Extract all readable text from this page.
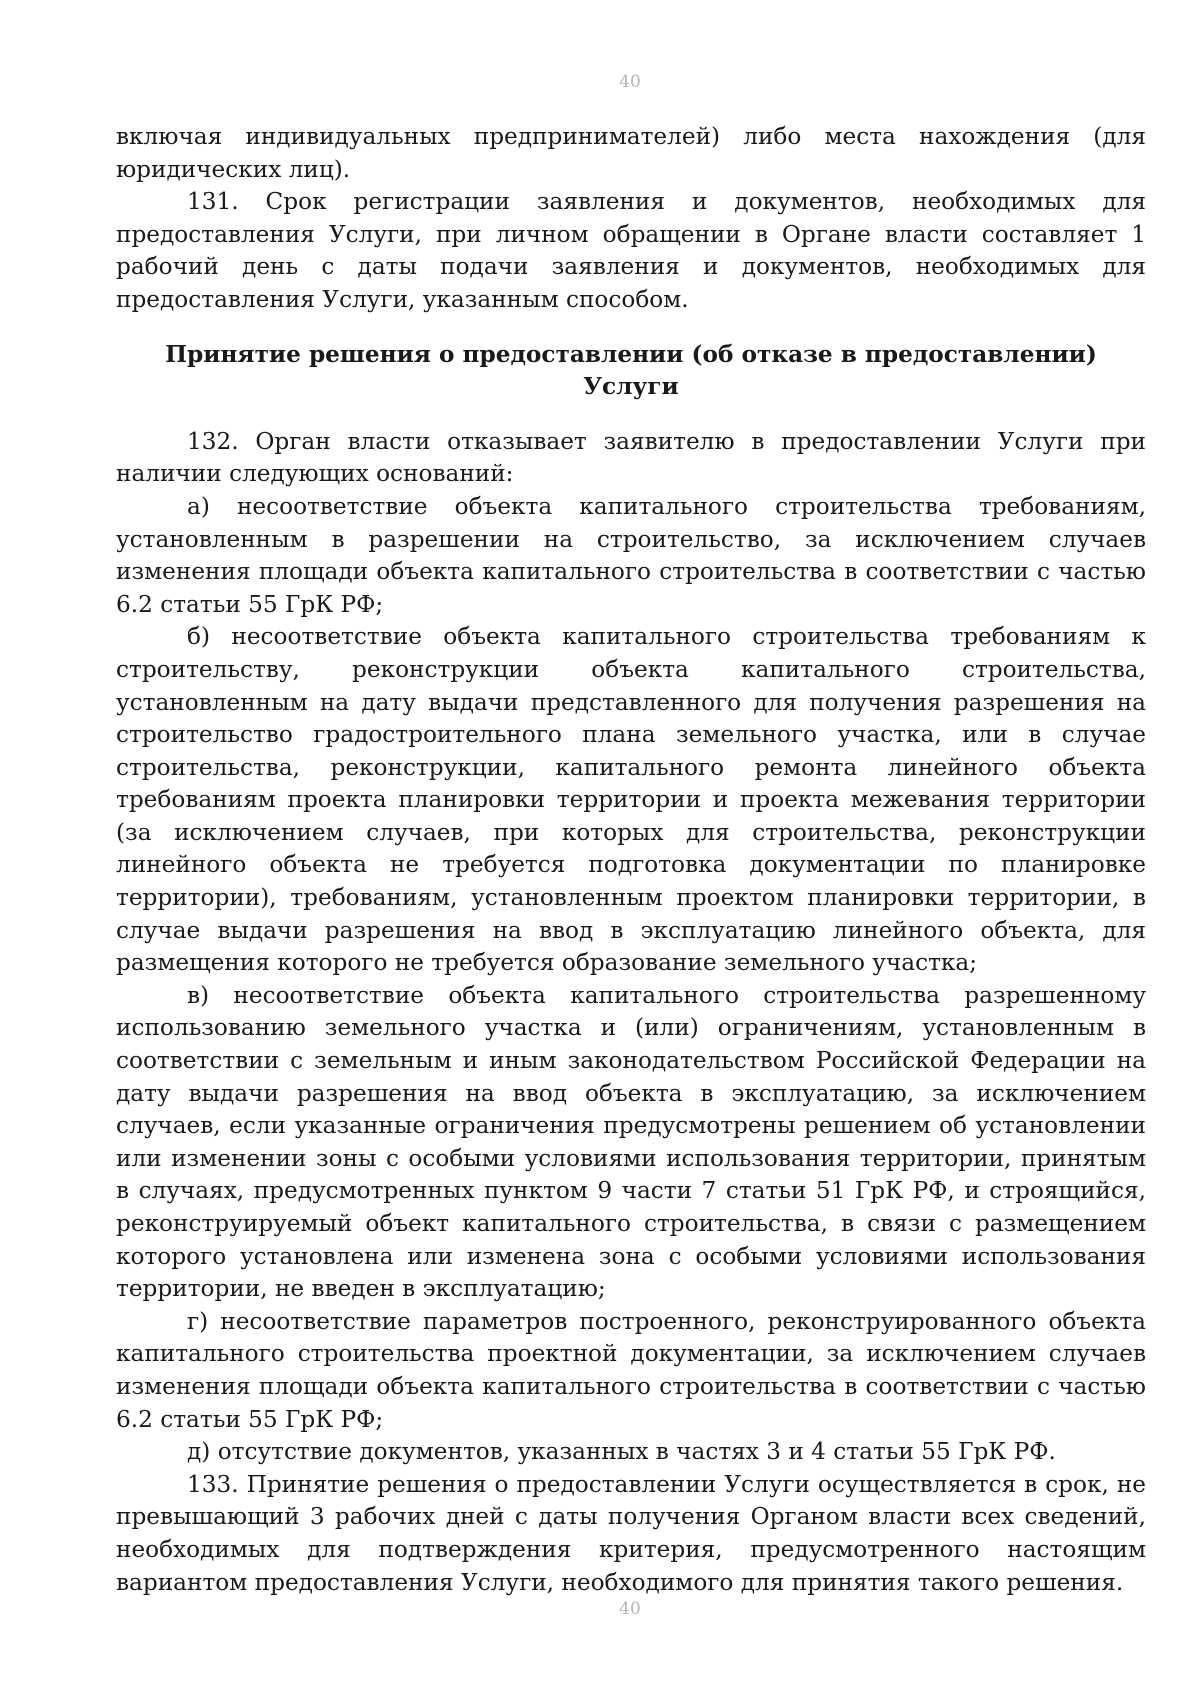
40

включая индивидуальных предпринимателей) либо места нахождения (для юридических лиц).

131. Срок регистрации заявления и документов, необходимых для предоставления Услуги, при личном обращении в Органе власти составляет 1 рабочий день с даты подачи заявления и документов, необходимых для предоставления Услуги, указанным способом.

Принятие решения о предоставлении (об отказе в предоставлении) Услуги

132. Орган власти отказывает заявителю в предоставлении Услуги при наличии следующих оснований:

а) несоответствие объекта капитального строительства требованиям, установленным в разрешении на строительство, за исключением случаев изменения площади объекта капитального строительства в соответствии с частью 6.2 статьи 55 ГрК РФ;

б) несоответствие объекта капитального строительства требованиям к строительству, реконструкции объекта капитального строительства, установленным на дату выдачи представленного для получения разрешения на строительство градостроительного плана земельного участка, или в случае строительства, реконструкции, капитального ремонта линейного объекта требованиям проекта планировки территории и проекта межевания территории (за исключением случаев, при которых для строительства, реконструкции линейного объекта не требуется подготовка документации по планировке территории), требованиям, установленным проектом планировки территории, в случае выдачи разрешения на ввод в эксплуатацию линейного объекта, для размещения которого не требуется образование земельного участка;

в) несоответствие объекта капитального строительства разрешенному использованию земельного участка и (или) ограничениям, установленным в соответствии с земельным и иным законодательством Российской Федерации на дату выдачи разрешения на ввод объекта в эксплуатацию, за исключением случаев, если указанные ограничения предусмотрены решением об установлении или изменении зоны с особыми условиями использования территории, принятым в случаях, предусмотренных пунктом 9 части 7 статьи 51 ГрК РФ, и строящийся, реконструируемый объект капитального строительства, в связи с размещением которого установлена или изменена зона с особыми условиями использования территории, не введен в эксплуатацию;

г) несоответствие параметров построенного, реконструированного объекта капитального строительства проектной документации, за исключением случаев изменения площади объекта капитального строительства в соответствии с частью 6.2 статьи 55 ГрК РФ;

д) отсутствие документов, указанных в частях 3 и 4 статьи 55 ГрК РФ.

133. Принятие решения о предоставлении Услуги осуществляется в срок, не превышающий 3 рабочих дней с даты получения Органом власти всех сведений, необходимых для подтверждения критерия, предусмотренного настоящим вариантом предоставления Услуги, необходимого для принятия такого решения.

40
